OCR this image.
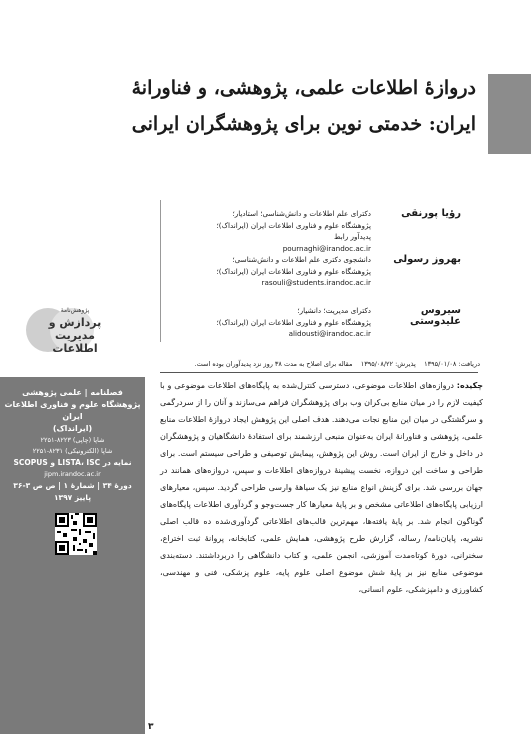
دروازۀ اطلاعات علمی، پژوهشی، و فناورانۀ ایران: خدمتی نوین برای پژوهشگران ایرانی
رؤیا پورنقی
دکترای علم اطلاعات و دانش‌شناسی؛ استادیار؛
پژوهشگاه علوم و فناوری اطلاعات ایران (ایرانداک)؛
پدیدآور رابط
pournaghi@irandoc.ac.ir
بهروز رسولی
دانشجوی دکتری علم اطلاعات و دانش‌شناسی؛
پژوهشگاه علوم و فناوری اطلاعات ایران (ایرانداک)؛
rasouli@students.irandoc.ac.ir
سیروس علیدوستی
دکترای مدیریت؛ دانشیار؛
پژوهشگاه علوم و فناوری اطلاعات ایران (ایرانداک)؛
alidousti@irandoc.ac.ir
پردازش و
مدیریت
اطلاعات
پژوهش‌نامۀ
دریافت: ۱۳۹۵/۰۱/۰۸    پذیرش: ۱۳۹۵/۰۸/۲۲    مقاله برای اصلاح به مدت ۳۸ روز نزد پدیدآوران بوده است.

چکیده: دروازه‌های اطلاعات موضوعی، دسترسی کنترل‌شده به پایگاه‌های اطلاعات موضوعی و با کیفیت لازم را در میان منابع بی‌کران وب برای پژوهشگران فراهم می‌سازند و آنان را از سردرگمی و سرگشتگی در میان این منابع نجات می‌دهند. هدف اصلی این پژوهش ایجاد دروازۀ اطلاعات منابع علمی، پژوهشی و فناورانۀ ایران به‌عنوان منبعی ارزشمند برای استفادۀ دانشگاهیان و پژوهشگران در داخل و خارج از ایران است. روش این پژوهش، پیمایش توصیفی و طراحی سیستم است. برای طراحی و ساخت این دروازه، نخست پیشینۀ دروازه‌های اطلاعات و سپس، دروازه‌های همانند در جهان بررسی شد. برای گزینش انواع منابع نیز یک سیاههٔ وارسی طراحی گردید. سپس، معیارهای ارزیابی پایگاه‌های اطلاعاتی مشخص و بر پایۀ معیارها کار جست‌وجو و گردآوری اطلاعات پایگاه‌های گوناگون انجام شد. بر پایۀ یافته‌ها، مهم‌ترین قالب‌های اطلاعاتی گردآوری‌شده ده قالب اصلی نشریه، پایان‌نامه/ رساله، گزارش طرح پژوهشی، همایش علمی، کتابخانه، پروانۀ ثبت اختراع، سخنرانی، دورۀ کوتاه‌مدت آموزشی، انجمن علمی، و کتاب دانشگاهی را دربرداشتند. دسته‌بندی موضوعی منابع نیز بر پایۀ شش موضوع اصلی علوم پایه، علوم پزشکی، فنی و مهندسی، کشاورزی و دامپزشکی، علوم انسانی،

فصلنامه | علمی پژوهشی
پژوهشگاه علوم و فناوری اطلاعات ایران
(ایرانداک)
شاپا (چاپی) ۸۲۲۳-۲۲۵۱
شاپا (الکترونیکی) ۸۲۳۱-۲۲۵۱
نمایه در LISTA، ISC و SCOPUS
jipm.irandoc.ac.ir
دورۀ ۳۴ | شمارۀ ۱ | ص ص ۳-۳۶
پاییز ۱۳۹۷
۳
